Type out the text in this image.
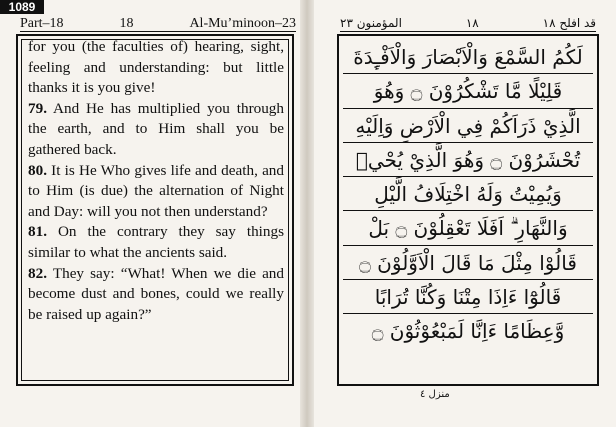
1089
Part–18	18	Al-Mu’minoon–23	قد افلح ١٨
١٨
المؤمنون ٢٣

for you (the faculties of) hearing, sight, feeling and understanding: but little thanks it is you give!

79. And He has multiplied you through the earth, and to Him shall you be gathered back.

80. It is He Who gives life and death, and to Him (is due) the alternation of Night and Day: will you not then understand?

81. On the contrary they say things similar to what the ancients said.

82. They say: “What! When we die and become dust and bones, could we really be raised up again?”

لَكُمُ السَّمْعَ وَالْاَبْصَارَ وَالْاَفْـِٕدَةَ
قَلِيْلًا مَّا تَشْكُرُوْنَ ۝ وَهُوَ
الَّذِيْ ذَرَاَكُمْ فِي الْاَرْضِ وَاِلَيْهِ
تُحْشَرُوْنَ ۝ وَهُوَ الَّذِيْ يُحْيٖ
وَيُمِيْتُ وَلَهُ اخْتِلَافُ الَّيْلِ
وَالنَّهَارِ ۗ اَفَلَا تَعْقِلُوْنَ ۝ بَلْ
قَالُوْا مِثْلَ مَا قَالَ الْاَوَّلُوْنَ ۝
قَالُوْٓا ءَاِذَا مِتْنَا وَكُنَّا تُرَابًا
وَّعِظَامًا ءَاِنَّا لَمَبْعُوْثُوْنَ ۝
منزل ٤
